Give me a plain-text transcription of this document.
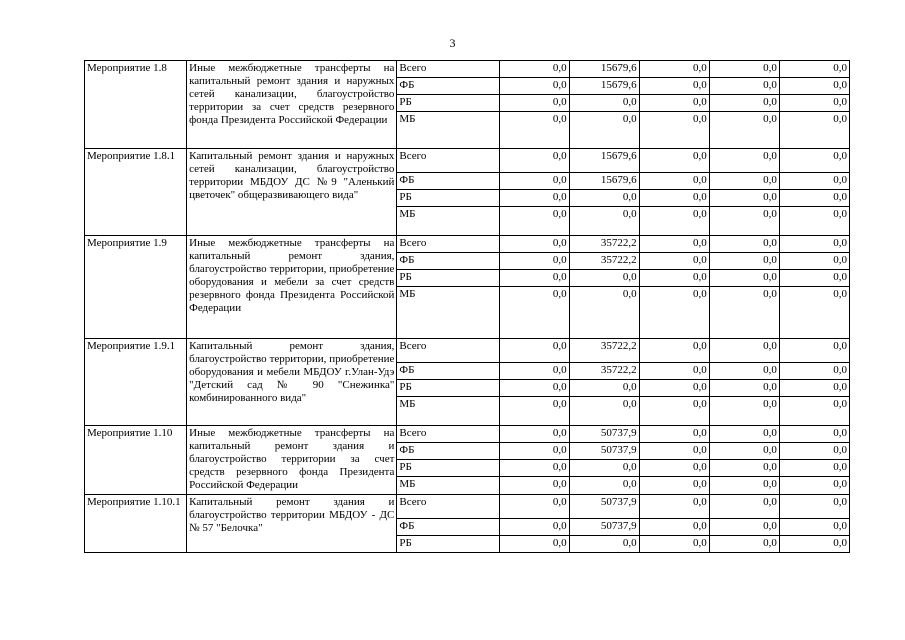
3
Мероприятие 1.8	Иные межбюджетные трансферты на капитальный ремонт здания и наружных сетей канализации, благоустройство территории за счет средств резервного фонда Президента Российской Федерации	Всего	0,0	15679,6	0,0	0,0	0,0
		ФБ	0,0	15679,6	0,0	0,0	0,0
		РБ	0,0	0,0	0,0	0,0	0,0
		МБ	0,0	0,0	0,0	0,0	0,0
Мероприятие 1.8.1	Капитальный ремонт здания и наружных сетей канализации, благоустройство территории МБДОУ ДС №9 "Аленький цветочек" общеразвивающего вида"	Всего	0,0	15679,6	0,0	0,0	0,0
		ФБ	0,0	15679,6	0,0	0,0	0,0
		РБ	0,0	0,0	0,0	0,0	0,0
		МБ	0,0	0,0	0,0	0,0	0,0
Мероприятие 1.9	Иные межбюджетные трансферты на капитальный ремонт здания, благоустройство территории, приобретение оборудования и мебели за счет средств резервного фонда Президента Российской Федерации	Всего	0,0	35722,2	0,0	0,0	0,0
		ФБ	0,0	35722,2	0,0	0,0	0,0
		РБ	0,0	0,0	0,0	0,0	0,0
		МБ	0,0	0,0	0,0	0,0	0,0
Мероприятие 1.9.1	Капитальный ремонт здания, благоустройство территории, приобретение оборудования и мебели МБДОУ г.Улан-Удэ "Детский сад № 90 "Снежинка" комбинированного вида"	Всего	0,0	35722,2	0,0	0,0	0,0
		ФБ	0,0	35722,2	0,0	0,0	0,0
		РБ	0,0	0,0	0,0	0,0	0,0
		МБ	0,0	0,0	0,0	0,0	0,0
Мероприятие 1.10	Иные межбюджетные трансферты на капитальный ремонт здания и благоустройство территории за счет средств резервного фонда Президента Российской Федерации	Всего	0,0	50737,9	0,0	0,0	0,0
		ФБ	0,0	50737,9	0,0	0,0	0,0
		РБ	0,0	0,0	0,0	0,0	0,0
		МБ	0,0	0,0	0,0	0,0	0,0
Мероприятие 1.10.1	Капитальный ремонт здания и благоустройство территории МБДОУ - ДС № 57 "Белочка"	Всего	0,0	50737,9	0,0	0,0	0,0
		ФБ	0,0	50737,9	0,0	0,0	0,0
		РБ	0,0	0,0	0,0	0,0	0,0
